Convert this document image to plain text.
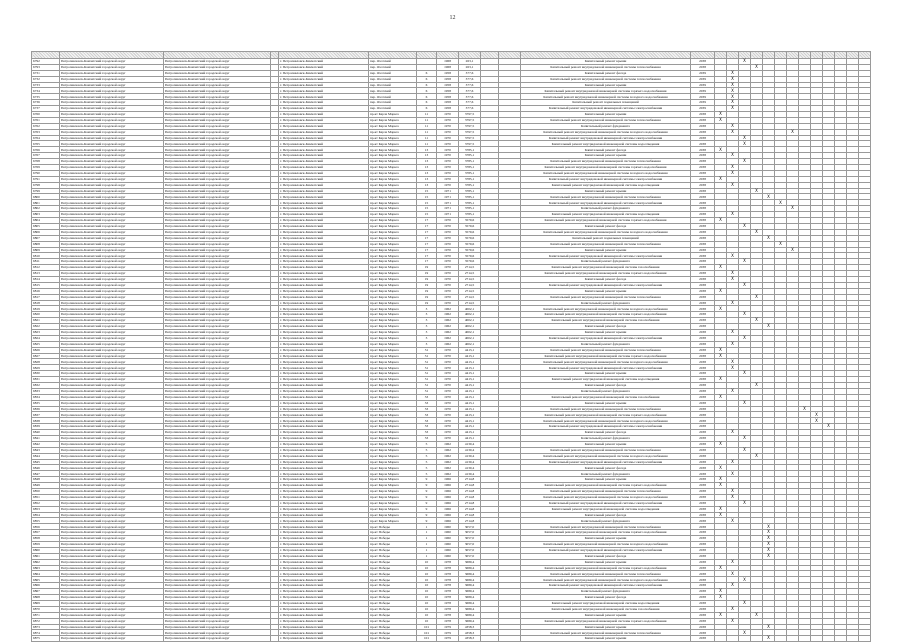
12

6792	Петропавловск-Камчатский городской округ	Петропавловск-Камчатский городской округ		г. Петропавловск-Камчатский	пер. Охотский		1968	263,1			Капитальный ремонт крыши	2038			X										
6793	Петропавловск-Камчатский городской округ	Петропавловск-Камчатский городской округ		г. Петропавловск-Камчатский	пер. Охотский		1968	263,1			Капитальный ремонт внутридомовой инженерной системы теплоснабжения	2038				X									
6731	Петропавловск-Камчатский городской округ	Петропавловск-Камчатский городской округ		г. Петропавловск-Камчатский	пер. Охотский	6	1958	377,6			Капитальный ремонт фасада	2039		X											
6732	Петропавловск-Камчатский городской округ	Петропавловск-Камчатский городской округ		г. Петропавловск-Камчатский	пер. Охотский	6	1958	377,6			Капитальный ремонт внутридомовой инженерной системы теплоснабжения	2039		X											
6733	Петропавловск-Камчатский городской округ	Петропавловск-Камчатский городской округ		г. Петропавловск-Камчатский	пер. Охотский	6	1958	377,6			Капитальный ремонт крыши	2039		X											
6734	Петропавловск-Камчатский городской округ	Петропавловск-Камчатский городской округ		г. Петропавловск-Камчатский	пер. Охотский	6	1958	377,6			Капитальный ремонт внутридомовой инженерной системы горячего водоснабжения	2039		X											
6735	Петропавловск-Камчатский городской округ	Петропавловск-Камчатский городской округ		г. Петропавловск-Камчатский	пер. Охотский	6	1958	377,6			Капитальный ремонт внутридомовой инженерной системы холодного водоснабжения	2039		X											
6736	Петропавловск-Камчатский городской округ	Петропавловск-Камчатский городской округ		г. Петропавловск-Камчатский	пер. Охотский	6	1958	377,6			Капитальный ремонт подвальных помещений	2039		X											
6737	Петропавловск-Камчатский городской округ	Петропавловск-Камчатский городской округ		г. Петропавловск-Камчатский	пер. Охотский	6	1958	377,6			Капитальный ремонт внутридомовой инженерной системы электроснабжения	2039		X											
6760	Петропавловск-Камчатский городской округ	Петропавловск-Камчатский городской округ		г. Петропавловск-Камчатский	пр-кт Карла Маркса	11	1970	3797,5			Капитальный ремонт крыши	2038	X												
6761	Петропавловск-Камчатский городской округ	Петропавловск-Камчатский городской округ		г. Петропавловск-Камчатский	пр-кт Карла Маркса	11	1970	3797,5			Капитальный ремонт внутридомовой инженерной системы теплоснабжения	2038	X												
6762	Петропавловск-Камчатский городской округ	Петропавловск-Камчатский городской округ		г. Петропавловск-Камчатский	пр-кт Карла Маркса	11	1970	3797,5			Капитальный ремонт фундамента	2038		X											
6763	Петропавловск-Камчатский городской округ	Петропавловск-Камчатский городской округ		г. Петропавловск-Камчатский	пр-кт Карла Маркса	11	1970	3797,5			Капитальный ремонт внутридомовой инженерной системы холодного водоснабжения	2038		X					X						
6764	Петропавловск-Камчатский городской округ	Петропавловск-Камчатский городской округ		г. Петропавловск-Камчатский	пр-кт Карла Маркса	11	1970	3797,5			Капитальный ремонт внутридомовой инженерной системы электроснабжения	2038			X										
6765	Петропавловск-Камчатский городской округ	Петропавловск-Камчатский городской округ		г. Петропавловск-Камчатский	пр-кт Карла Маркса	11	1970	3797,5			Капитальный ремонт внутридомовой инженерной системы водоотведения	2038			X										
6766	Петропавловск-Камчатский городской округ	Петропавловск-Камчатский городской округ		г. Петропавловск-Камчатский	пр-кт Карла Маркса	13	1970	3785,1			Капитальный ремонт фасада	2038	X												
6767	Петропавловск-Камчатский городской округ	Петропавловск-Камчатский городской округ		г. Петропавловск-Камчатский	пр-кт Карла Маркса	13	1970	3785,1			Капитальный ремонт крыши	2038		X											
6768	Петропавловск-Камчатский городской округ	Петропавловск-Камчатский городской округ		г. Петропавловск-Камчатский	пр-кт Карла Маркса	13	1970	3785,1			Капитальный ремонт внутридомовой инженерной системы теплоснабжения	2038			X										
6769	Петропавловск-Камчатский городской округ	Петропавловск-Камчатский городской округ		г. Петропавловск-Камчатский	пр-кт Карла Маркса	13	1970	3785,1			Капитальный ремонт внутридомовой инженерной системы горячего водоснабжения	2038		X											
6790	Петропавловск-Камчатский городской округ	Петропавловск-Камчатский городской округ		г. Петропавловск-Камчатский	пр-кт Карла Маркса	13	1970	3785,1			Капитальный ремонт внутридомовой инженерной системы холодного водоснабжения	2038		X											
6791	Петропавловск-Камчатский городской округ	Петропавловск-Камчатский городской округ		г. Петропавловск-Камчатский	пр-кт Карла Маркса	13	1970	3785,1			Капитальный ремонт внутридомовой инженерной системы электроснабжения	2038	X												
6798	Петропавловск-Камчатский городской округ	Петропавловск-Камчатский городской округ		г. Петропавловск-Камчатский	пр-кт Карла Маркса	13	1970	3785,1			Капитальный ремонт внутридомовой инженерной системы водоотведения	2038		X											
6799	Петропавловск-Камчатский городской округ	Петропавловск-Камчатский городской округ		г. Петропавловск-Камчатский	пр-кт Карла Маркса	15	1971	3785,1			Капитальный ремонт крыши	2038				X									
6800	Петропавловск-Камчатский городской округ	Петропавловск-Камчатский городской округ		г. Петропавловск-Камчатский	пр-кт Карла Маркса	15	1971	3785,1			Капитальный ремонт внутридомовой инженерной системы теплоснабжения	2038					X								
6801	Петропавловск-Камчатский городской округ	Петропавловск-Камчатский городской округ		г. Петропавловск-Камчатский	пр-кт Карла Маркса	15	1971	3785,1			Капитальный ремонт внутридомовой инженерной системы электроснабжения	2038						X							
6802	Петропавловск-Камчатский городской округ	Петропавловск-Камчатский городской округ		г. Петропавловск-Камчатский	пр-кт Карла Маркса	15	1971	3785,1			Капитальный ремонт фундамента	2038							X						
6803	Петропавловск-Камчатский городской округ	Петропавловск-Камчатский городской округ		г. Петропавловск-Камчатский	пр-кт Карла Маркса	15	1971	3785,1			Капитальный ремонт внутридомовой инженерной системы водоотведения	2038		X											
6804	Петропавловск-Камчатский городской округ	Петропавловск-Камчатский городской округ		г. Петропавловск-Камчатский	пр-кт Карла Маркса	17	1970	3579,6			Капитальный ремонт внутридомовой инженерной системы горячего водоснабжения	2038	X												
6805	Петропавловск-Камчатский городской округ	Петропавловск-Камчатский городской округ		г. Петропавловск-Камчатский	пр-кт Карла Маркса	17	1970	3579,6			Капитальный ремонт фасада	2038			X										
6806	Петропавловск-Камчатский городской округ	Петропавловск-Камчатский городской округ		г. Петропавловск-Камчатский	пр-кт Карла Маркса	17	1970	3579,6			Капитальный ремонт внутридомовой инженерной системы холодного водоснабжения	2038				X									
6807	Петропавловск-Камчатский городской округ	Петропавловск-Камчатский городской округ		г. Петропавловск-Камчатский	пр-кт Карла Маркса	17	1970	3579,6			Капитальный ремонт подвальных помещений	2038					X								
6808	Петропавловск-Камчатский городской округ	Петропавловск-Камчатский городской округ		г. Петропавловск-Камчатский	пр-кт Карла Маркса	17	1970	3579,6			Капитальный ремонт внутридомовой инженерной системы теплоснабжения	2038						X							
6809	Петропавловск-Камчатский городской округ	Петропавловск-Камчатский городской округ		г. Петропавловск-Камчатский	пр-кт Карла Маркса	17	1970	3579,6			Капитальный ремонт крыши	2038							X						
6810	Петропавловск-Камчатский городской округ	Петропавловск-Камчатский городской округ		г. Петропавловск-Камчатский	пр-кт Карла Маркса	17	1970	3579,6			Капитальный ремонт внутридомовой инженерной системы электроснабжения	2038		X											
6811	Петропавловск-Камчатский городской округ	Петропавловск-Камчатский городской округ		г. Петропавловск-Камчатский	пр-кт Карла Маркса	17	1970	3579,6			Капитальный ремонт фундамента	2038			X										
6812	Петропавловск-Камчатский городской округ	Петропавловск-Камчатский городской округ		г. Петропавловск-Камчатский	пр-кт Карла Маркса	19	1970	2714,5			Капитальный ремонт внутридомовой инженерной системы газоснабжения	2038	X												
6813	Петропавловск-Камчатский городской округ	Петропавловск-Камчатский городской округ		г. Петропавловск-Камчатский	пр-кт Карла Маркса	19	1970	2714,5			Капитальный ремонт внутридомовой инженерной системы горячего водоснабжения	2038		X											
6814	Петропавловск-Камчатский городской округ	Петропавловск-Камчатский городской округ		г. Петропавловск-Камчатский	пр-кт Карла Маркса	19	1970	2714,5			Капитальный ремонт фасада	2038		X											
6815	Петропавловск-Камчатский городской округ	Петропавловск-Камчатский городской округ		г. Петропавловск-Камчатский	пр-кт Карла Маркса	19	1970	2714,5			Капитальный ремонт внутридомовой инженерной системы электроснабжения	2038			X										
6816	Петропавловск-Камчатский городской округ	Петропавловск-Камчатский городской округ		г. Петропавловск-Камчатский	пр-кт Карла Маркса	19	1970	2714,5			Капитальный ремонт крыши	2038	X												
6817	Петропавловск-Камчатский городской округ	Петропавловск-Камчатский городской округ		г. Петропавловск-Камчатский	пр-кт Карла Маркса	19	1970	2714,5			Капитальный ремонт внутридомовой инженерной системы теплоснабжения	2038				X									
6818	Петропавловск-Камчатский городской округ	Петропавловск-Камчатский городской округ		г. Петропавловск-Камчатский	пр-кт Карла Маркса	19	1970	2714,5			Капитальный ремонт фундамента	2038		X											
6819	Петропавловск-Камчатский городской округ	Петропавловск-Камчатский городской округ		г. Петропавловск-Камчатский	пр-кт Карла Маркса	3	1962	4002,1			Капитальный ремонт внутридомовой инженерной системы холодного водоснабжения	2038	X												
6820	Петропавловск-Камчатский городской округ	Петропавловск-Камчатский городской округ		г. Петропавловск-Камчатский	пр-кт Карла Маркса	3	1962	4002,1			Капитальный ремонт внутридомовой инженерной системы горячего водоснабжения	2038			X										
6821	Петропавловск-Камчатский городской округ	Петропавловск-Камчатский городской округ		г. Петропавловск-Камчатский	пр-кт Карла Маркса	3	1962	4002,1			Капитальный ремонт внутридомовой инженерной системы газоснабжения	2038				X									
6822	Петропавловск-Камчатский городской округ	Петропавловск-Камчатский городской округ		г. Петропавловск-Камчатский	пр-кт Карла Маркса	3	1962	4002,1			Капитальный ремонт фасада	2038					X								
6823	Петропавловск-Камчатский городской округ	Петропавловск-Камчатский городской округ		г. Петропавловск-Камчатский	пр-кт Карла Маркса	3	1962	4002,1			Капитальный ремонт крыши	2038		X											
6824	Петропавловск-Камчатский городской округ	Петропавловск-Камчатский городской округ		г. Петропавловск-Камчатский	пр-кт Карла Маркса	3	1962	4002,1			Капитальный ремонт внутридомовой инженерной системы электроснабжения	2038			X										
6825	Петропавловск-Камчатский городской округ	Петропавловск-Камчатский городской округ		г. Петропавловск-Камчатский	пр-кт Карла Маркса	3	1962	4002,1			Капитальный ремонт фундамента	2038		X											
6826	Петропавловск-Камчатский городской округ	Петропавловск-Камчатский городской округ		г. Петропавловск-Камчатский	пр-кт Карла Маркса	31	1970	4413,1			Капитальный ремонт внутридомовой инженерной системы теплоснабжения	2038	X												
6827	Петропавловск-Камчатский городской округ	Петропавловск-Камчатский городской округ		г. Петропавловск-Камчатский	пр-кт Карла Маркса	31	1970	4413,1			Капитальный ремонт внутридомовой инженерной системы горячего водоснабжения	2038	X												
6828	Петропавловск-Камчатский городской округ	Петропавловск-Камчатский городской округ		г. Петропавловск-Камчатский	пр-кт Карла Маркса	31	1970	4413,1			Капитальный ремонт внутридомовой инженерной системы холодного водоснабжения	2038		X											
6829	Петропавловск-Камчатский городской округ	Петропавловск-Камчатский городской округ		г. Петропавловск-Камчатский	пр-кт Карла Маркса	31	1970	4413,1			Капитальный ремонт внутридомовой инженерной системы электроснабжения	2038		X											
6830	Петропавловск-Камчатский городской округ	Петропавловск-Камчатский городской округ		г. Петропавловск-Камчатский	пр-кт Карла Маркса	31	1970	4413,1			Капитальный ремонт крыши	2038			X										
6831	Петропавловск-Камчатский городской округ	Петропавловск-Камчатский городской округ		г. Петропавловск-Камчатский	пр-кт Карла Маркса	31	1970	4413,1			Капитальный ремонт внутридомовой инженерной системы водоотведения	2038	X												
6832	Петропавловск-Камчатский городской округ	Петропавловск-Камчатский городской округ		г. Петропавловск-Камчатский	пр-кт Карла Маркса	31	1970	4413,1			Капитальный ремонт фасада	2038				X									
6833	Петропавловск-Камчатский городской округ	Петропавловск-Камчатский городской округ		г. Петропавловск-Камчатский	пр-кт Карла Маркса	31	1970	4413,1			Капитальный ремонт фундамента	2038		X											
6834	Петропавловск-Камчатский городской округ	Петропавловск-Камчатский городской округ		г. Петропавловск-Камчатский	пр-кт Карла Маркса	33	1970	4413,1			Капитальный ремонт внутридомовой инженерной системы газоснабжения	2038	X												
6835	Петропавловск-Камчатский городской округ	Петропавловск-Камчатский городской округ		г. Петропавловск-Камчатский	пр-кт Карла Маркса	33	1970	4413,1			Капитальный ремонт крыши	2038			X										
6836	Петропавловск-Камчатский городской округ	Петропавловск-Камчатский городской округ		г. Петропавловск-Камчатский	пр-кт Карла Маркса	33	1970	4413,1			Капитальный ремонт внутридомовой инженерной системы теплоснабжения	2038								X					
6837	Петропавловск-Камчатский городской округ	Петропавловск-Камчатский городской округ		г. Петропавловск-Камчатский	пр-кт Карла Маркса	33	1970	4413,1			Капитальный ремонт внутридомовой инженерной системы горячего водоснабжения	2038									X				
6838	Петропавловск-Камчатский городской округ	Петропавловск-Камчатский городской округ		г. Петропавловск-Камчатский	пр-кт Карла Маркса	33	1970	4413,1			Капитальный ремонт внутридомовой инженерной системы холодного водоснабжения	2038									X				
6839	Петропавловск-Камчатский городской округ	Петропавловск-Камчатский городской округ		г. Петропавловск-Камчатский	пр-кт Карла Маркса	33	1970	4413,1			Капитальный ремонт внутридомовой инженерной системы электроснабжения	2038										X			
6840	Петропавловск-Камчатский городской округ	Петропавловск-Камчатский городской округ		г. Петропавловск-Камчатский	пр-кт Карла Маркса	33	1970	4413,1			Капитальный ремонт фасада	2038		X											
6841	Петропавловск-Камчатский городской округ	Петропавловск-Камчатский городской округ		г. Петропавловск-Камчатский	пр-кт Карла Маркса	33	1970	4413,1			Капитальный ремонт фундамента	2038			X										
6842	Петропавловск-Камчатский городской округ	Петропавловск-Камчатский городской округ		г. Петропавловск-Камчатский	пр-кт Карла Маркса	5	1962	4130,4			Капитальный ремонт крыши	2038	X												
6843	Петропавловск-Камчатский городской округ	Петропавловск-Камчатский городской округ		г. Петропавловск-Камчатский	пр-кт Карла Маркса	5	1962	4130,4			Капитальный ремонт внутридомовой инженерной системы теплоснабжения	2038			X										
6844	Петропавловск-Камчатский городской округ	Петропавловск-Камчатский городской округ		г. Петропавловск-Камчатский	пр-кт Карла Маркса	5	1962	4130,4			Капитальный ремонт внутридомовой инженерной системы холодного водоснабжения	2038				X									
6845	Петропавловск-Камчатский городской округ	Петропавловск-Камчатский городской округ		г. Петропавловск-Камчатский	пр-кт Карла Маркса	5	1962	4130,4			Капитальный ремонт внутридомовой инженерной системы электроснабжения	2038		X											
6846	Петропавловск-Камчатский городской округ	Петропавловск-Камчатский городской округ		г. Петропавловск-Камчатский	пр-кт Карла Маркса	5	1962	4130,4			Капитальный ремонт фасада	2038	X												
6847	Петропавловск-Камчатский городской округ	Петропавловск-Камчатский городской округ		г. Петропавловск-Камчатский	пр-кт Карла Маркса	5	1962	4130,4			Капитальный ремонт фундамента	2038		X											
6848	Петропавловск-Камчатский городской округ	Петропавловск-Камчатский городской округ		г. Петропавловск-Камчатский	пр-кт Карла Маркса	9	1966	2714,8			Капитальный ремонт крыши	2038	X												
6849	Петропавловск-Камчатский городской округ	Петропавловск-Камчатский городской округ		г. Петропавловск-Камчатский	пр-кт Карла Маркса	9	1966	2714,8			Капитальный ремонт внутридомовой инженерной системы горячего водоснабжения	2038	X												
6850	Петропавловск-Камчатский городской округ	Петропавловск-Камчатский городской округ		г. Петропавловск-Камчатский	пр-кт Карла Маркса	9	1966	2714,8			Капитальный ремонт внутридомовой инженерной системы теплоснабжения	2038		X											
6851	Петропавловск-Камчатский городской округ	Петропавловск-Камчатский городской округ		г. Петропавловск-Камчатский	пр-кт Карла Маркса	9	1966	2714,8			Капитальный ремонт внутридомовой инженерной системы холодного водоснабжения	2038		X											
6852	Петропавловск-Камчатский городской округ	Петропавловск-Камчатский городской округ		г. Петропавловск-Камчатский	пр-кт Карла Маркса	9	1966	2714,8			Капитальный ремонт внутридомовой инженерной системы электроснабжения	2038			X										
6853	Петропавловск-Камчатский городской округ	Петропавловск-Камчатский городской округ		г. Петропавловск-Камчатский	пр-кт Карла Маркса	9	1966	2714,8			Капитальный ремонт внутридомовой инженерной системы водоотведения	2038	X												
6854	Петропавловск-Камчатский городской округ	Петропавловск-Камчатский городской округ		г. Петропавловск-Камчатский	пр-кт Карла Маркса	9	1966	2714,8			Капитальный ремонт фасада	2038	X												
6855	Петропавловск-Камчатский городской округ	Петропавловск-Камчатский городской округ		г. Петропавловск-Камчатский	пр-кт Карла Маркса	9	1966	2714,8			Капитальный ремонт фундамента	2038		X											
6856	Петропавловск-Камчатский городской округ	Петропавловск-Камчатский городской округ		г. Петропавловск-Камчатский	пр-кт Победы	1	1960	3057,0			Капитальный ремонт внутридомовой инженерной системы теплоснабжения	2038					X								
6857	Петропавловск-Камчатский городской округ	Петропавловск-Камчатский городской округ		г. Петропавловск-Камчатский	пр-кт Победы	1	1960	3057,0			Капитальный ремонт внутридомовой инженерной системы горячего водоснабжения	2038					X								
6858	Петропавловск-Камчатский городской округ	Петропавловск-Камчатский городской округ		г. Петропавловск-Камчатский	пр-кт Победы	1	1960	3057,0			Капитальный ремонт крыши	2038					X								
6859	Петропавловск-Камчатский городской округ	Петропавловск-Камчатский городской округ		г. Петропавловск-Камчатский	пр-кт Победы	1	1960	3057,0			Капитальный ремонт внутридомовой инженерной системы холодного водоснабжения	2038					X								
6860	Петропавловск-Камчатский городской округ	Петропавловск-Камчатский городской округ		г. Петропавловск-Камчатский	пр-кт Победы	1	1960	3057,0			Капитальный ремонт внутридомовой инженерной системы электроснабжения	2038					X								
6861	Петропавловск-Камчатский городской округ	Петропавловск-Камчатский городской округ		г. Петропавловск-Камчатский	пр-кт Победы	1	1960	3057,0			Капитальный ремонт фасада	2038					X								
6862	Петропавловск-Камчатский городской округ	Петропавловск-Камчатский городской округ		г. Петропавловск-Камчатский	пр-кт Победы	10	1978	3689,4			Капитальный ремонт крыши	2038		X											
6863	Петропавловск-Камчатский городской округ	Петропавловск-Камчатский городской округ		г. Петропавловск-Камчатский	пр-кт Победы	10	1978	3689,4			Капитальный ремонт внутридомовой инженерной системы горячего водоснабжения	2038	X												
6864	Петропавловск-Камчатский городской округ	Петропавловск-Камчатский городской округ		г. Петропавловск-Камчатский	пр-кт Победы	10	1978	3689,4			Капитальный ремонт внутридомовой инженерной системы теплоснабжения	2038		X											
6865	Петропавловск-Камчатский городской округ	Петропавловск-Камчатский городской округ		г. Петропавловск-Камчатский	пр-кт Победы	10	1978	3689,4			Капитальный ремонт внутридомовой инженерной системы холодного водоснабжения	2038			X										
6866	Петропавловск-Камчатский городской округ	Петропавловск-Камчатский городской округ		г. Петропавловск-Камчатский	пр-кт Победы	10	1978	3689,4			Капитальный ремонт внутридомовой инженерной системы электроснабжения	2038		X											
6867	Петропавловск-Камчатский городской округ	Петропавловск-Камчатский городской округ		г. Петропавловск-Камчатский	пр-кт Победы	10	1978	3689,4			Капитальный ремонт фундамента	2038	X												
6868	Петропавловск-Камчатский городской округ	Петропавловск-Камчатский городской округ		г. Петропавловск-Камчатский	пр-кт Победы	10	1978	3689,4			Капитальный ремонт фасада	2038	X												
6869	Петропавловск-Камчатский городской округ	Петропавловск-Камчатский городской округ		г. Петропавловск-Камчатский	пр-кт Победы	10	1978	3689,4			Капитальный ремонт внутридомовой инженерной системы водоотведения	2038			X										
6870	Петропавловск-Камчатский городской округ	Петропавловск-Камчатский городской округ		г. Петропавловск-Камчатский	пр-кт Победы	10	1978	3689,4			Капитальный ремонт внутридомовой инженерной системы газоснабжения	2038		X											
6871	Петропавловск-Камчатский городской округ	Петропавловск-Камчатский городской округ		г. Петропавловск-Камчатский	пр-кт Победы	10	1978	3689,4			Капитальный ремонт крыши	2038	X			X									
6872	Петропавловск-Камчатский городской округ	Петропавловск-Камчатский городской округ		г. Петропавловск-Камчатский	пр-кт Победы	10	1978	3689,4			Капитальный ремонт внутридомовой инженерной системы горячего водоснабжения	2038		X											
6873	Петропавловск-Камчатский городской округ	Петропавловск-Камчатский городской округ		г. Петропавловск-Камчатский	пр-кт Победы	101	1979	4358,3			Капитальный ремонт крыши	2038					X								
6874	Петропавловск-Камчатский городской округ	Петропавловск-Камчатский городской округ		г. Петропавловск-Камчатский	пр-кт Победы	101	1979	4358,3			Капитальный ремонт внутридомовой инженерной системы теплоснабжения	2038			X										
6875	Петропавловск-Камчатский городской округ	Петропавловск-Камчатский городской округ		г. Петропавловск-Камчатский	пр-кт Победы	101	1979	4358,3			Капитальный ремонт крыши	2038					X								
